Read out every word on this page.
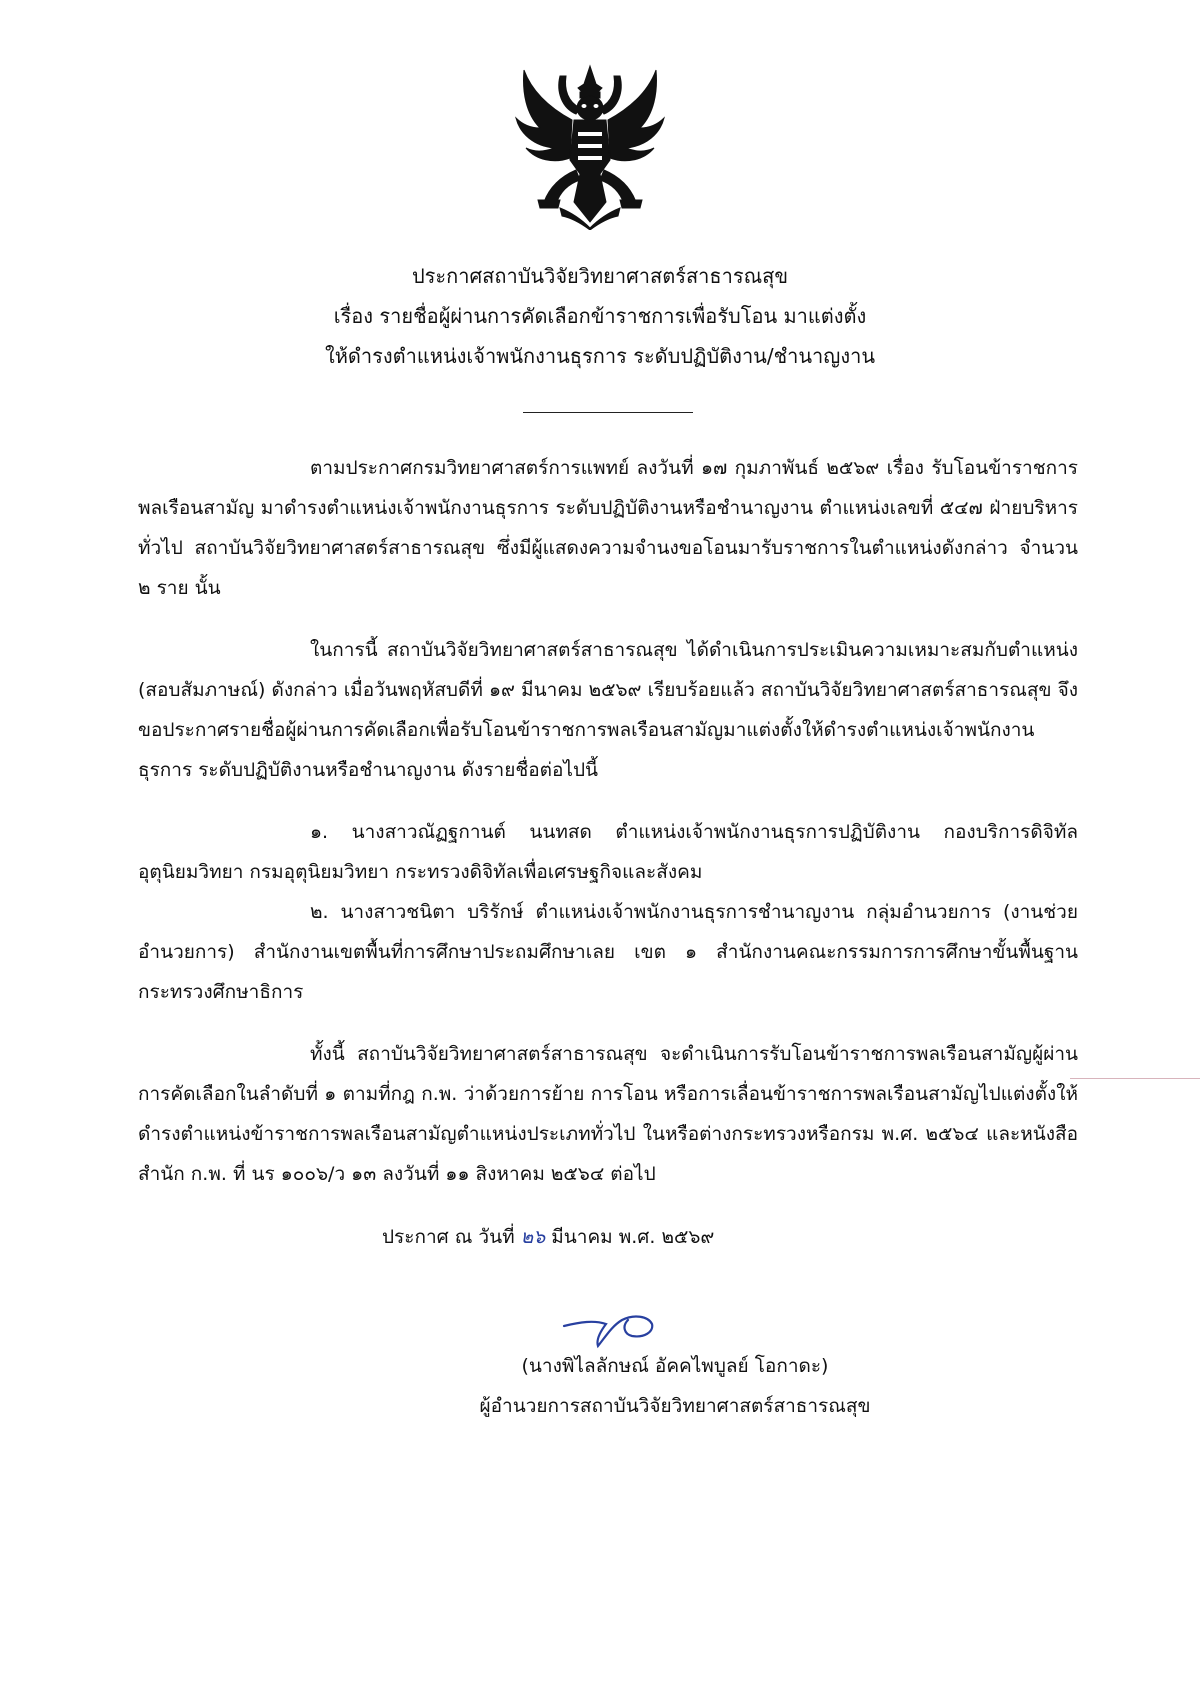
ประกาศสถาบันวิจัยวิทยาศาสตร์สาธารณสุข
เรื่อง รายชื่อผู้ผ่านการคัดเลือกข้าราชการเพื่อรับโอน มาแต่งตั้ง
ให้ดำรงตำแหน่งเจ้าพนักงานธุรการ ระดับปฏิบัติงาน/ชำนาญงาน

ตามประกาศกรมวิทยาศาสตร์การแพทย์ ลงวันที่ ๑๗ กุมภาพันธ์ ๒๕๖๙ เรื่อง รับโอนข้าราชการพลเรือนสามัญ มาดำรงตำแหน่งเจ้าพนักงานธุรการ ระดับปฏิบัติงานหรือชำนาญงาน ตำแหน่งเลขที่ ๕๔๗ ฝ่ายบริหารทั่วไป สถาบันวิจัยวิทยาศาสตร์สาธารณสุข ซึ่งมีผู้แสดงความจำนงขอโอนมารับราชการในตำแหน่งดังกล่าว จำนวน ๒ ราย นั้น

ในการนี้ สถาบันวิจัยวิทยาศาสตร์สาธารณสุข ได้ดำเนินการประเมินความเหมาะสมกับตำแหน่ง (สอบสัมภาษณ์) ดังกล่าว เมื่อวันพฤหัสบดีที่ ๑๙ มีนาคม ๒๕๖๙ เรียบร้อยแล้ว สถาบันวิจัยวิทยาศาสตร์สาธารณสุข จึงขอประกาศรายชื่อผู้ผ่านการคัดเลือกเพื่อรับโอนข้าราชการพลเรือนสามัญมาแต่งตั้งให้ดำรงตำแหน่งเจ้าพนักงานธุรการ ระดับปฏิบัติงานหรือชำนาญงาน ดังรายชื่อต่อไปนี้

๑. นางสาวณัฏฐกานต์ นนทสด ตำแหน่งเจ้าพนักงานธุรการปฏิบัติงาน กองบริการดิจิทัลอุตุนิยมวิทยา กรมอุตุนิยมวิทยา กระทรวงดิจิทัลเพื่อเศรษฐกิจและสังคม

๒. นางสาวชนิตา บริรักษ์ ตำแหน่งเจ้าพนักงานธุรการชำนาญงาน กลุ่มอำนวยการ (งานช่วยอำนวยการ) สำนักงานเขตพื้นที่การศึกษาประถมศึกษาเลย เขต ๑ สำนักงานคณะกรรมการการศึกษาขั้นพื้นฐาน กระทรวงศึกษาธิการ

ทั้งนี้ สถาบันวิจัยวิทยาศาสตร์สาธารณสุข จะดำเนินการรับโอนข้าราชการพลเรือนสามัญผู้ผ่านการคัดเลือกในลำดับที่ ๑ ตามที่กฎ ก.พ. ว่าด้วยการย้าย การโอน หรือการเลื่อนข้าราชการพลเรือนสามัญไปแต่งตั้งให้ดำรงตำแหน่งข้าราชการพลเรือนสามัญตำแหน่งประเภททั่วไป ในหรือต่างกระทรวงหรือกรม พ.ศ. ๒๕๖๔ และหนังสือสำนัก ก.พ. ที่ นร ๑๐๐๖/ว ๑๓ ลงวันที่ ๑๑ สิงหาคม ๒๕๖๔ ต่อไป

ประกาศ ณ วันที่ ๒๖ มีนาคม พ.ศ. ๒๕๖๙
(นางพิไลลักษณ์ อัคคไพบูลย์ โอกาดะ)
ผู้อำนวยการสถาบันวิจัยวิทยาศาสตร์สาธารณสุข
